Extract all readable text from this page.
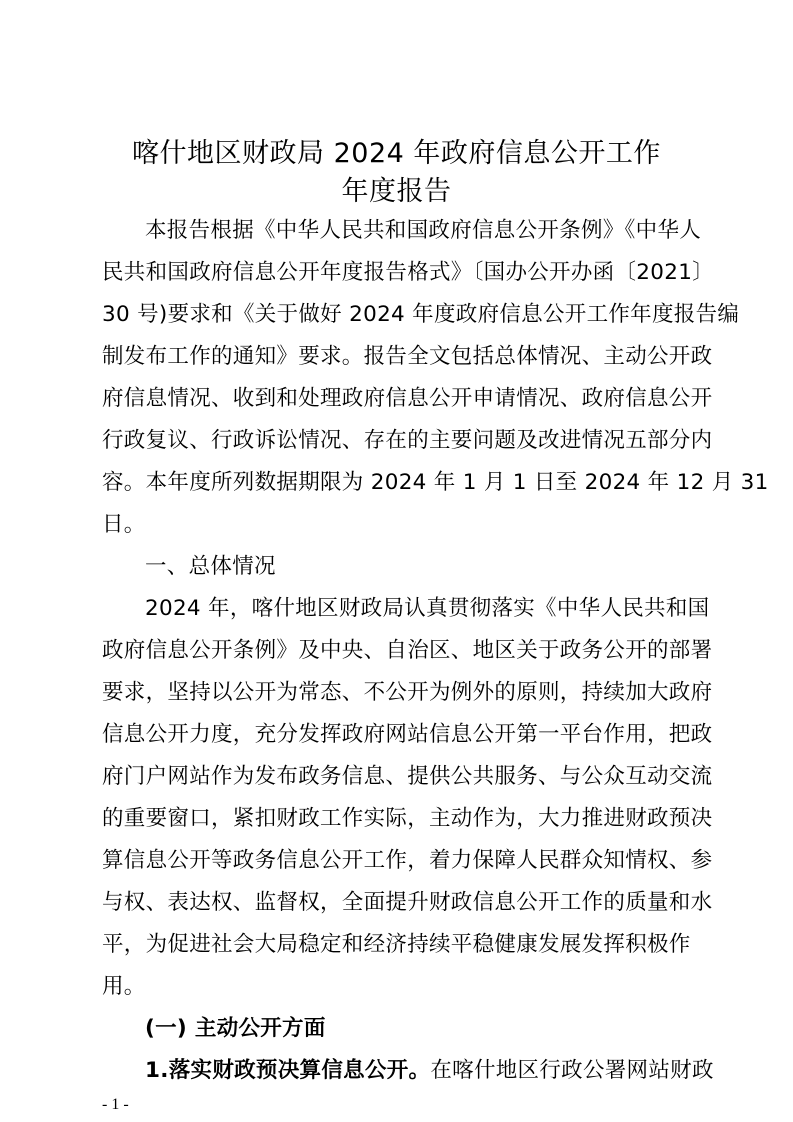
喀什地区财政局 2024 年政府信息公开工作
年度报告
本报告根据《中华人民共和国政府信息公开条例》《中华人
民共和国政府信息公开年度报告格式》〔国办公开办函〔2021〕
30 号)要求和《关于做好 2024 年度政府信息公开工作年度报告编
制发布工作的通知》要求。报告全文包括总体情况、主动公开政
府信息情况、收到和处理政府信息公开申请情况、政府信息公开
行政复议、行政诉讼情况、存在的主要问题及改进情况五部分内
容。本年度所列数据期限为 2024 年 1 月 1 日至 2024 年 12 月 31
日。
一、总体情况
2024 年，喀什地区财政局认真贯彻落实《中华人民共和国
政府信息公开条例》及中央、自治区、地区关于政务公开的部署
要求，坚持以公开为常态、不公开为例外的原则，持续加大政府
信息公开力度，充分发挥政府网站信息公开第一平台作用，把政
府门户网站作为发布政务信息、提供公共服务、与公众互动交流
的重要窗口，紧扣财政工作实际，主动作为，大力推进财政预决
算信息公开等政务信息公开工作，着力保障人民群众知情权、参
与权、表达权、监督权，全面提升财政信息公开工作的质量和水
平，为促进社会大局稳定和经济持续平稳健康发展发挥积极作
用。
(一) 主动公开方面
1.落实财政预决算信息公开。在喀什地区行政公署网站财政
- 1 -
